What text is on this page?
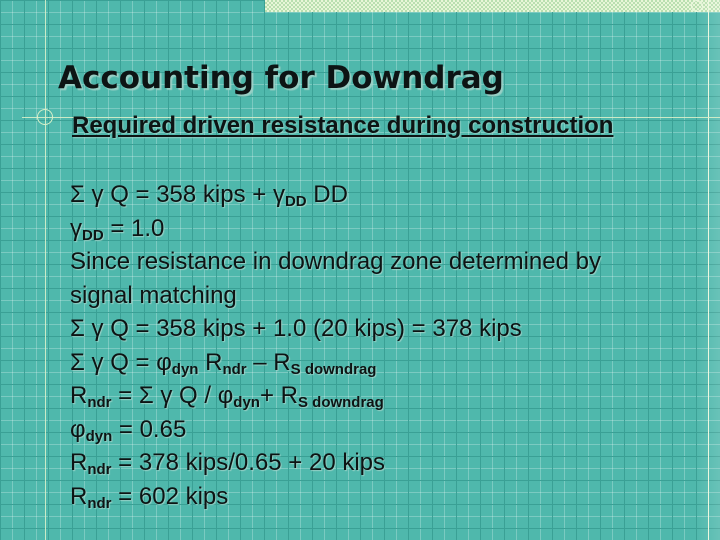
Accounting for Downdrag
Required driven resistance during construction
Σ γ Q = 358 kips + $\gamma_{DD}$ DD
$\gamma_{DD} = 1.0$
Since resistance in downdrag zone determined by
signal matching
Σ γ Q = 358 kips + 1.0 (20 kips) = 378 kips
Σ γ $Q = \varphi_{dyn}$ $R_{ndr} - R_{S downdrag}$
$R_{ndr} = \Sigma$ γ $Q / \varphi_{dyn}+ R_{S downdrag}$
$\varphi_{dyn} = 0.65$
$R_{ndr} = 378$ kips/0.65 + 20 kips
$R_{ndr} = 602$ kips
